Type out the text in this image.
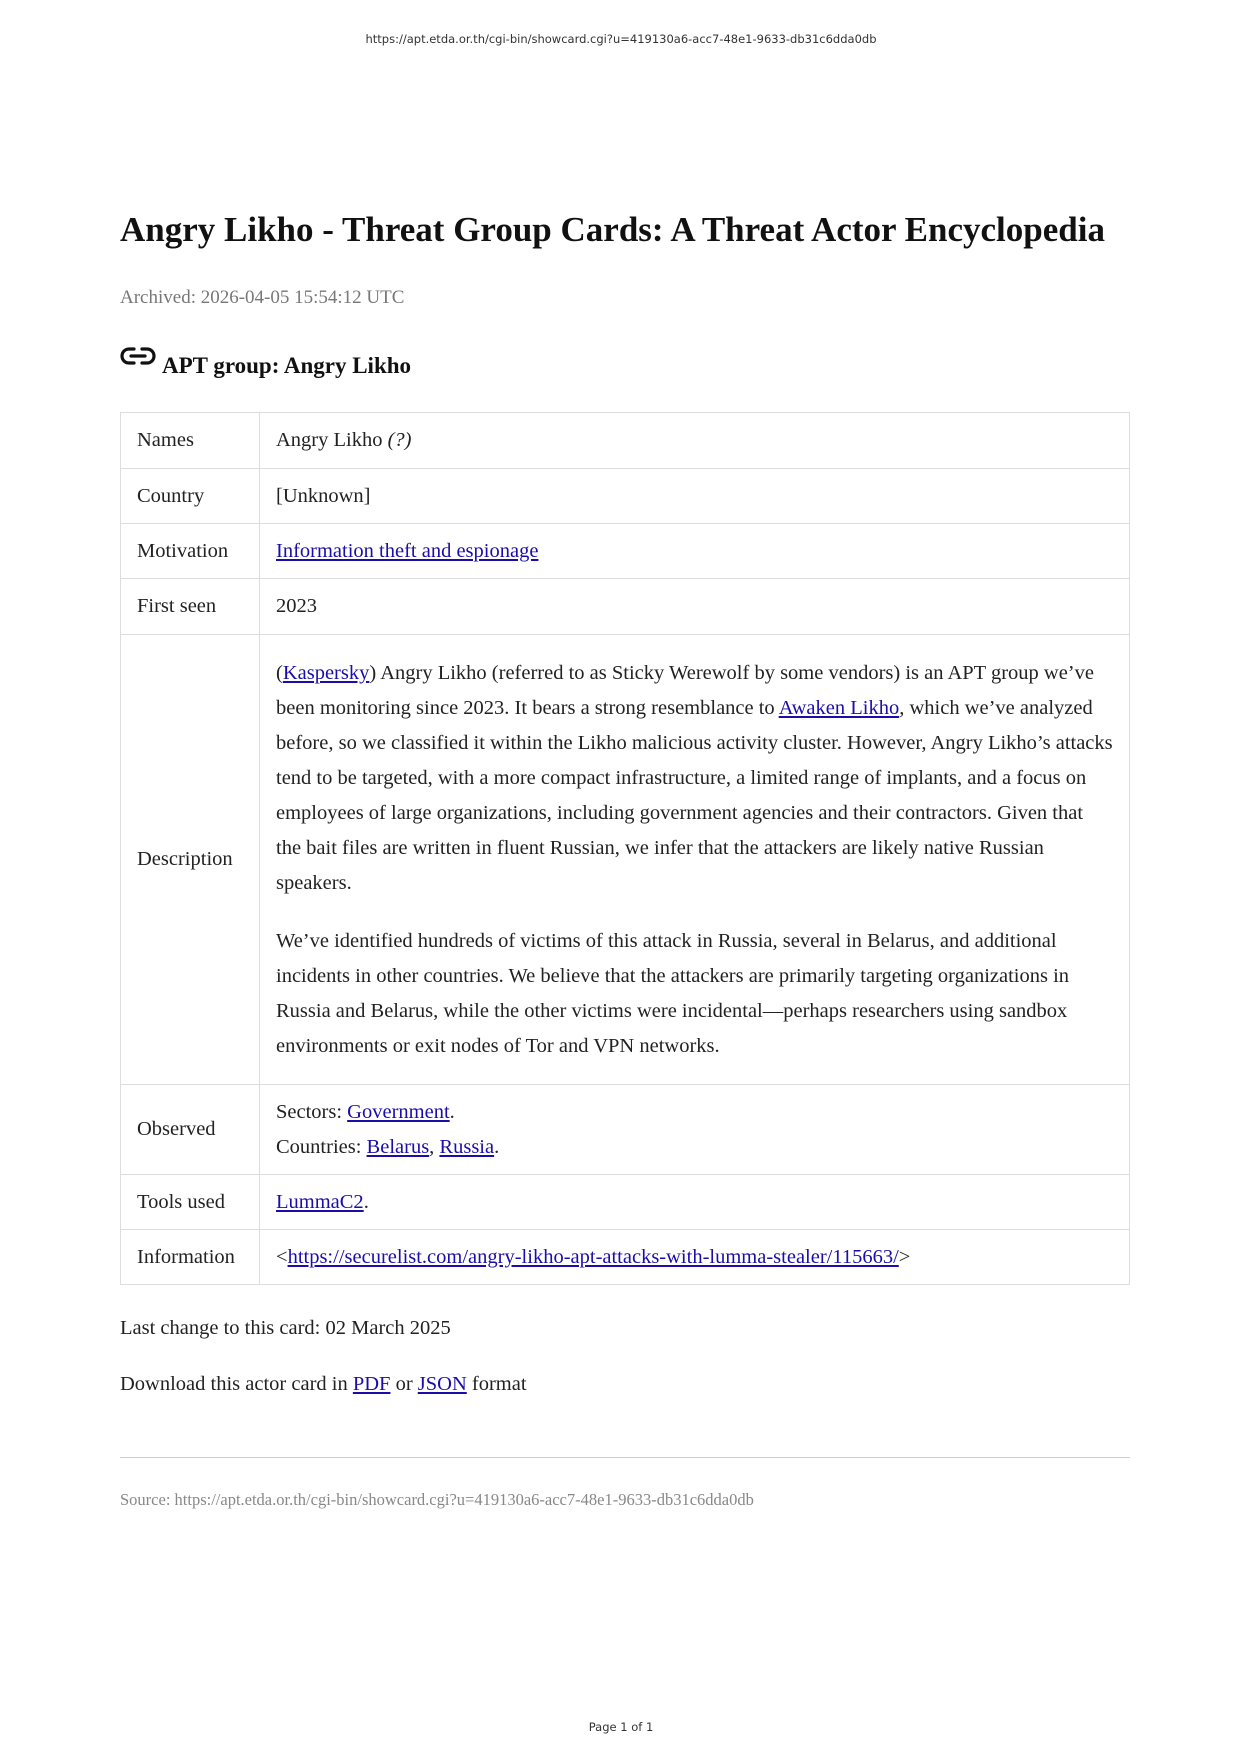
https://apt.etda.or.th/cgi-bin/showcard.cgi?u=419130a6-acc7-48e1-9633-db31c6dda0db
Angry Likho - Threat Group Cards: A Threat Actor Encyclopedia
Archived: 2026-04-05 15:54:12 UTC
APT group: Angry Likho
Names	Angry Likho (?)
Country	[Unknown]
Motivation	Information theft and espionage
First seen	2023
Description	(Kaspersky) Angry Likho (referred to as Sticky Werewolf by some vendors) is an APT group we’ve been monitoring since 2023. It bears a strong resemblance to Awaken Likho, which we’ve analyzed before, so we classified it within the Likho malicious activity cluster. However, Angry Likho’s attacks tend to be targeted, with a more compact infrastructure, a limited range of implants, and a focus on employees of large organizations, including government agencies and their contractors. Given that the bait files are written in fluent Russian, we infer that the attackers are likely native Russian speakers.

We’ve identified hundreds of victims of this attack in Russia, several in Belarus, and additional incidents in other countries. We believe that the attackers are primarily targeting organizations in Russia and Belarus, while the other victims were incidental—perhaps researchers using sandbox environments or exit nodes of Tor and VPN networks.

Observed	Sectors: Government.
Countries: Belarus, Russia.

Tools used	LummaC2.
Information	<https://securelist.com/angry-likho-apt-attacks-with-lumma-stealer/115663/>
Last change to this card: 02 March 2025
Download this actor card in PDF or JSON format
Source: https://apt.etda.or.th/cgi-bin/showcard.cgi?u=419130a6-acc7-48e1-9633-db31c6dda0db
Page 1 of 1
